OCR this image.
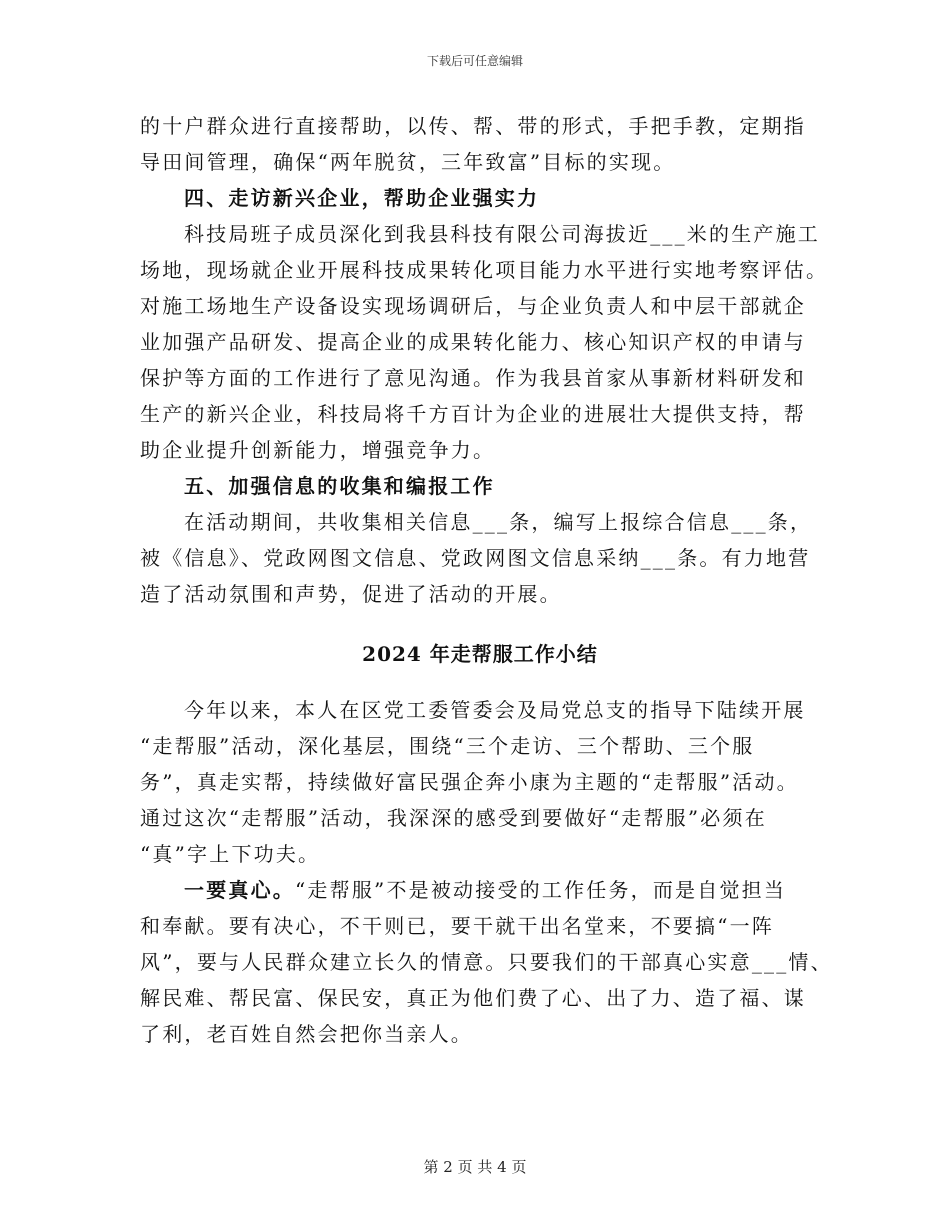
下载后可任意编辑
的十户群众进行直接帮助，以传、帮、带的形式，手把手教，定期指
导田间管理，确保“两年脱贫，三年致富”目标的实现。
四、走访新兴企业，帮助企业强实力
科技局班子成员深化到我县科技有限公司海拔近___米的生产施工
场地，现场就企业开展科技成果转化项目能力水平进行实地考察评估。
对施工场地生产设备设实现场调研后，与企业负责人和中层干部就企
业加强产品研发、提高企业的成果转化能力、核心知识产权的申请与
保护等方面的工作进行了意见沟通。作为我县首家从事新材料研发和
生产的新兴企业，科技局将千方百计为企业的进展壮大提供支持，帮
助企业提升创新能力，增强竞争力。
五、加强信息的收集和编报工作
在活动期间，共收集相关信息___条，编写上报综合信息___条，
被《信息》、党政网图文信息、党政网图文信息采纳___条。有力地营
造了活动氛围和声势，促进了活动的开展。
2024 年走帮服工作小结
今年以来，本人在区党工委管委会及局党总支的指导下陆续开展
“走帮服”活动，深化基层，围绕“三个走访、三个帮助、三个服
务”，真走实帮，持续做好富民强企奔小康为主题的“走帮服”活动。
通过这次“走帮服”活动，我深深的感受到要做好“走帮服”必须在
“真”字上下功夫。
一要真心。“走帮服”不是被动接受的工作任务，而是自觉担当
和奉献。要有决心，不干则已，要干就干出名堂来，不要搞“一阵
风”，要与人民群众建立长久的情意。只要我们的干部真心实意___情、
解民难、帮民富、保民安，真正为他们费了心、出了力、造了福、谋
了利，老百姓自然会把你当亲人。
第 2 页 共 4 页
